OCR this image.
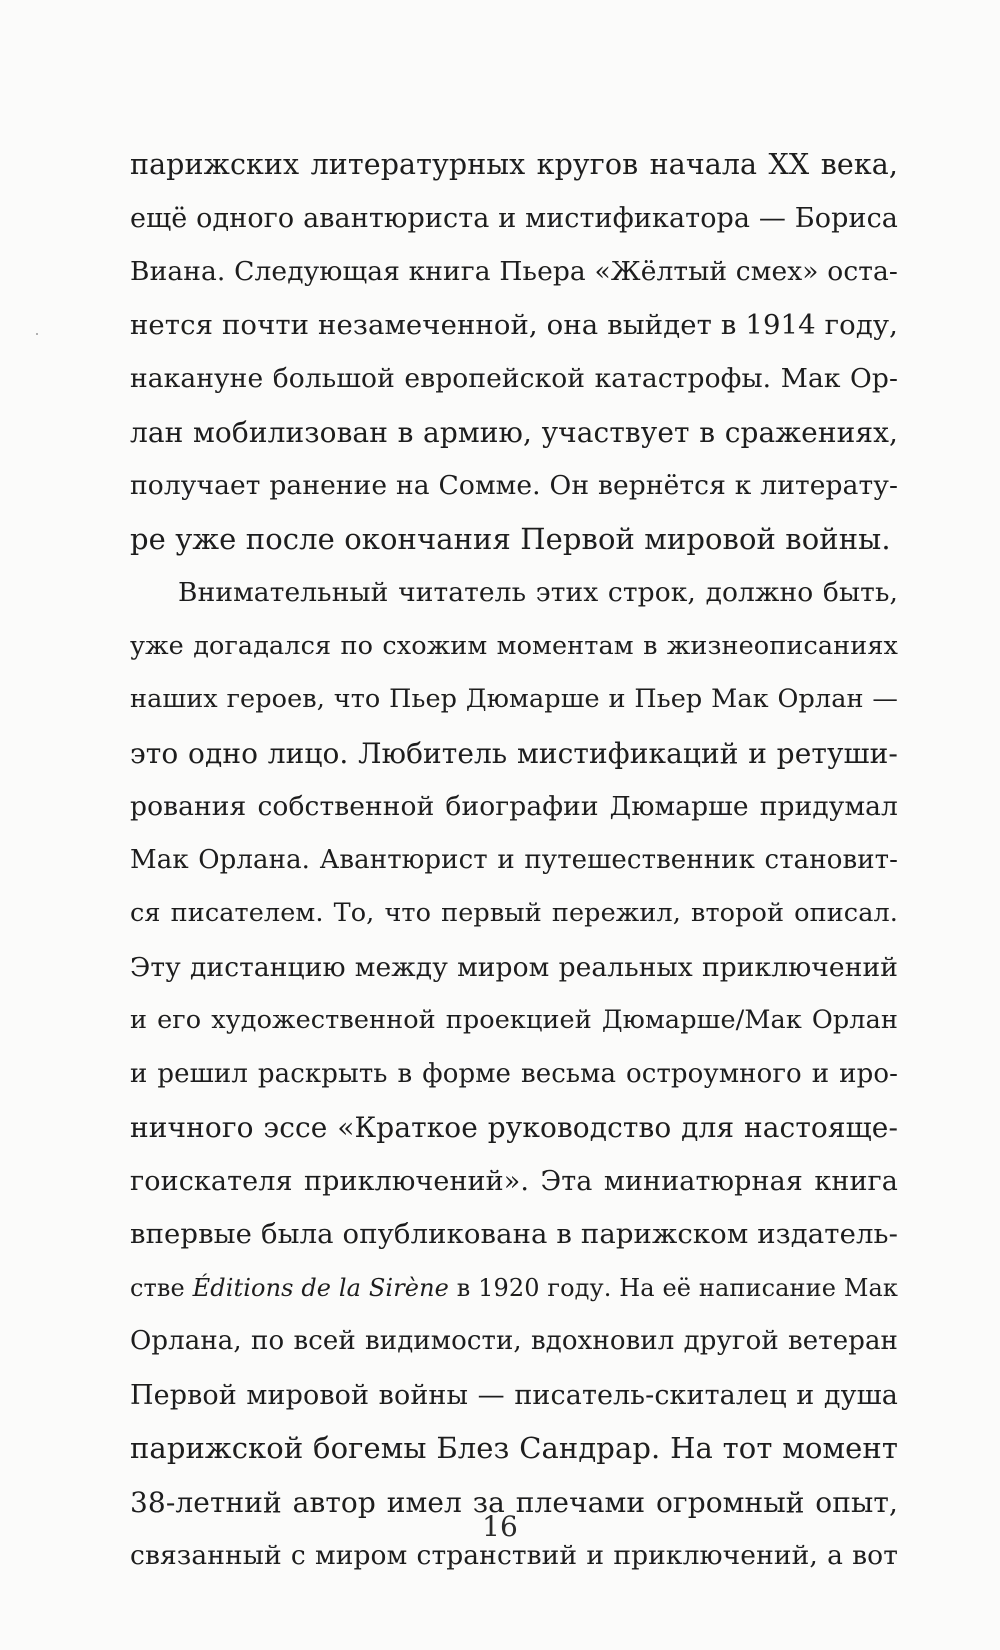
парижских литературных кругов начала XX века,
ещё одного авантюриста и мистификатора — Бориса
Виана. Следующая книга Пьера «Жёлтый смех» оста-
нется почти незамеченной, она выйдет в 1914 году,
накануне большой европейской катастрофы. Мак Ор-
лан мобилизован в армию, участвует в сражениях,
получает ранение на Сомме. Он вернётся к литерату-
ре уже после окончания Первой мировой войны.
Внимательный читатель этих строк, должно быть,
уже догадался по схожим моментам в жизнеописаниях
наших героев, что Пьер Дюмарше и Пьер Мак Орлан —
это одно лицо. Любитель мистификаций и ретуши-
рования собственной биографии Дюмарше придумал
Мак Орлана. Авантюрист и путешественник становит-
ся писателем. То, что первый пережил, второй описал.
Эту дистанцию между миром реальных приключений
и его художественной проекцией Дюмарше/Мак Орлан
и решил раскрыть в форме весьма остроумного и иро-
ничного эссе «Краткое руководство для настояще-
гоискателя приключений». Эта миниатюрная книга
впервые была опубликована в парижском издатель-
стве Éditions de la Sirène в 1920 году. На её написание Мак
Орлана, по всей видимости, вдохновил другой ветеран
Первой мировой войны — писатель-скиталец и душа
парижской богемы Блез Сандрар. На тот момент
38-летний автор имел за плечами огромный опыт,
связанный с миром странствий и приключений, а вот
16
